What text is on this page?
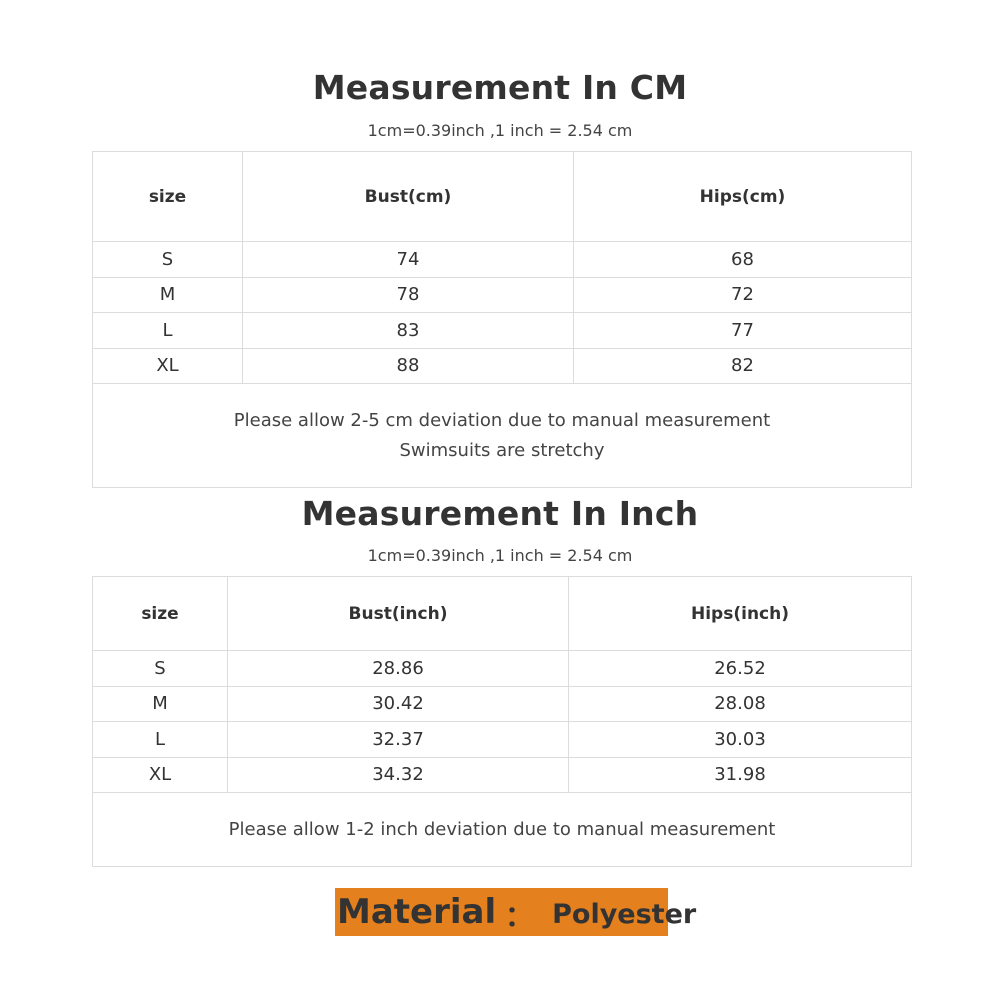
Measurement In CM
1cm=0.39inch ,1 inch = 2.54 cm
size	Bust(cm)	Hips(cm)
S	74	68
M	78	72
L	83	77
XL	88	82

Please allow 2-5 cm deviation due to manual measurement
Swimsuits are stretchy		
Measurement In Inch
1cm=0.39inch ,1 inch = 2.54 cm
size	Bust(inch)	Hips(inch)
S	28.86	26.52
M	30.42	28.08
L	32.37	30.03
XL	34.32	31.98

Please allow 1-2 inch deviation due to manual measurement		
Material ： Polyester
